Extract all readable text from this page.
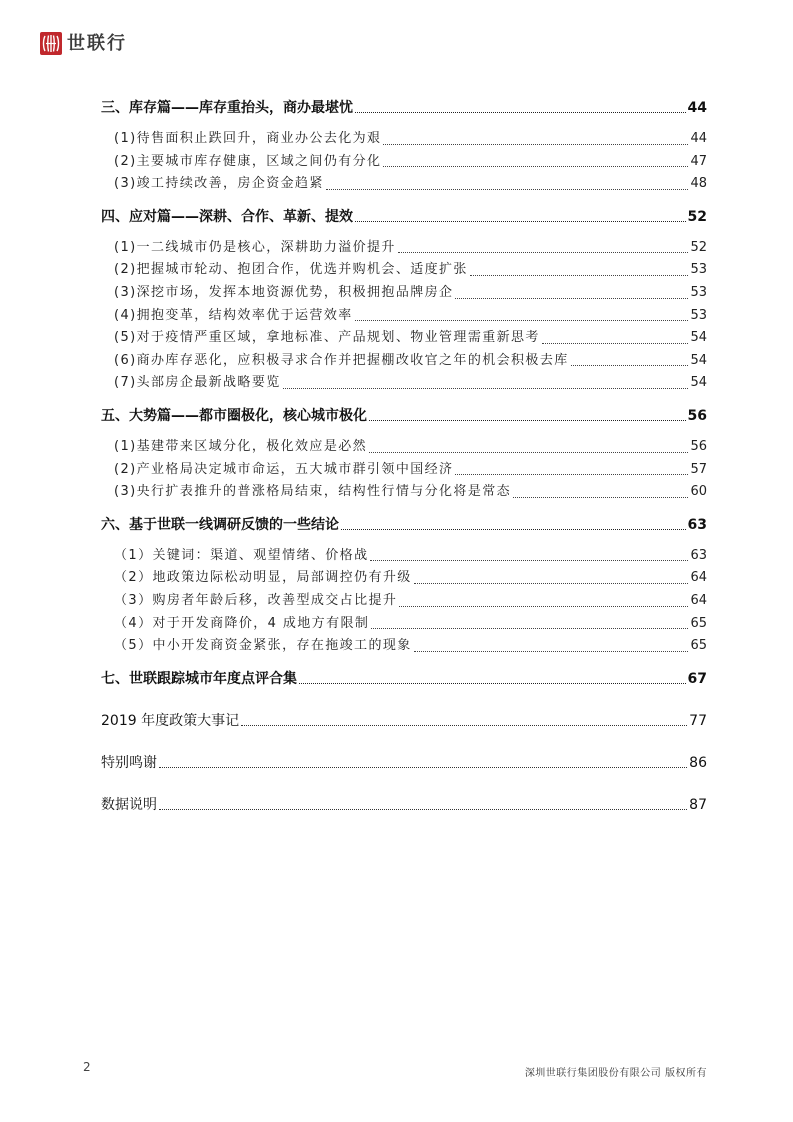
世联行
三、库存篇——库存重抬头，商办最堪忧	44
(1)待售面积止跌回升，商业办公去化为艰	44
(2)主要城市库存健康，区域之间仍有分化	47
(3)竣工持续改善，房企资金趋紧	48
四、应对篇——深耕、合作、革新、提效	52
(1)一二线城市仍是核心，深耕助力溢价提升	52
(2)把握城市轮动、抱团合作，优选并购机会、适度扩张	53
(3)深挖市场，发挥本地资源优势，积极拥抱品牌房企	53
(4)拥抱变革，结构效率优于运营效率	53
(5)对于疫情严重区域，拿地标准、产品规划、物业管理需重新思考	54
(6)商办库存恶化，应积极寻求合作并把握棚改收官之年的机会积极去库	54
(7)头部房企最新战略要览	54
五、大势篇——都市圈极化，核心城市极化	56
(1)基建带来区域分化，极化效应是必然	56
(2)产业格局决定城市命运，五大城市群引领中国经济	57
(3)央行扩表推升的普涨格局结束，结构性行情与分化将是常态	60
六、基于世联一线调研反馈的一些结论	63
（1）关键词：渠道、观望情绪、价格战	63
（2）地政策边际松动明显，局部调控仍有升级	64
（3）购房者年龄后移，改善型成交占比提升	64
（4）对于开发商降价，4 成地方有限制	65
（5）中小开发商资金紧张，存在拖竣工的现象	65
七、世联跟踪城市年度点评合集	67
2019 年度政策大事记	77
特别鸣谢	86
数据说明	87
2	深圳世联行集团股份有限公司 版权所有
